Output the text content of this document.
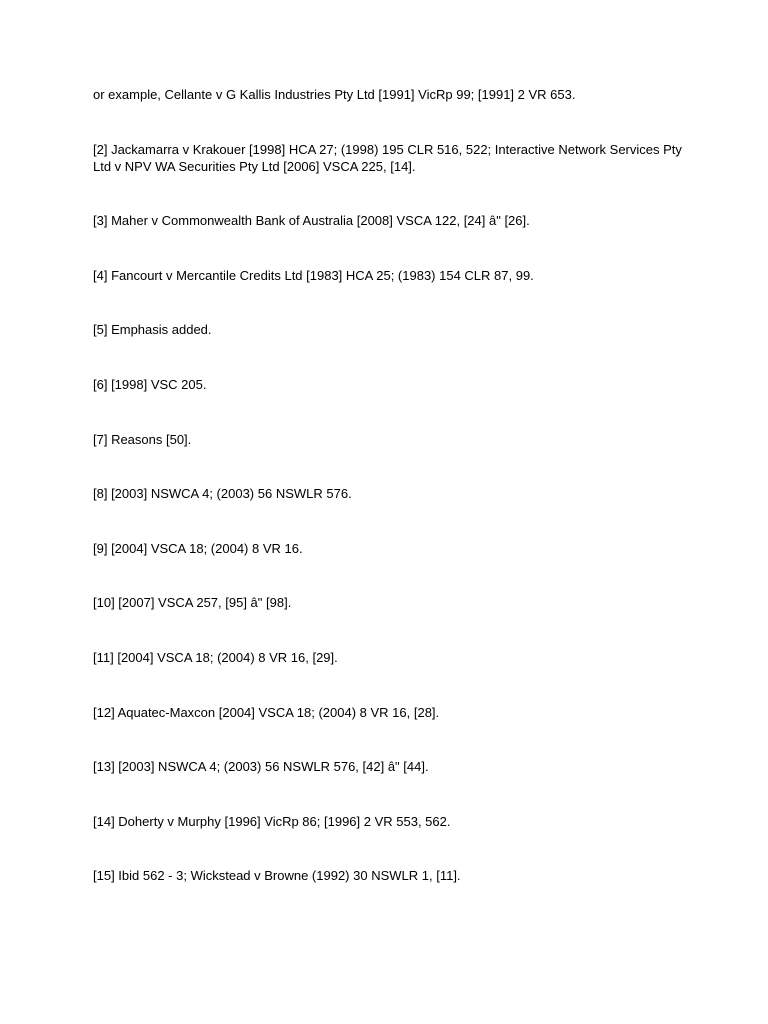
or example, Cellante v G Kallis Industries Pty Ltd [1991] VicRp 99; [1991] 2 VR 653.

[2] Jackamarra v Krakouer [1998] HCA 27; (1998) 195 CLR 516, 522; Interactive Network Services Pty Ltd v NPV WA Securities Pty Ltd [2006] VSCA 225, [14].

[3] Maher v Commonwealth Bank of Australia [2008] VSCA 122, [24] â" [26].

[4] Fancourt v Mercantile Credits Ltd [1983] HCA 25; (1983) 154 CLR 87, 99.

[5] Emphasis added.

[6] [1998] VSC 205.

[7] Reasons [50].

[8] [2003] NSWCA 4; (2003) 56 NSWLR 576.

[9] [2004] VSCA 18; (2004) 8 VR 16.

[10] [2007] VSCA 257, [95] â" [98].

[11] [2004] VSCA 18; (2004) 8 VR 16, [29].

[12] Aquatec-Maxcon [2004] VSCA 18; (2004) 8 VR 16, [28].

[13] [2003] NSWCA 4; (2003) 56 NSWLR 576, [42] â" [44].

[14] Doherty v Murphy [1996] VicRp 86; [1996] 2 VR 553, 562.

[15] Ibid 562 - 3; Wickstead v Browne (1992) 30 NSWLR 1, [11].
